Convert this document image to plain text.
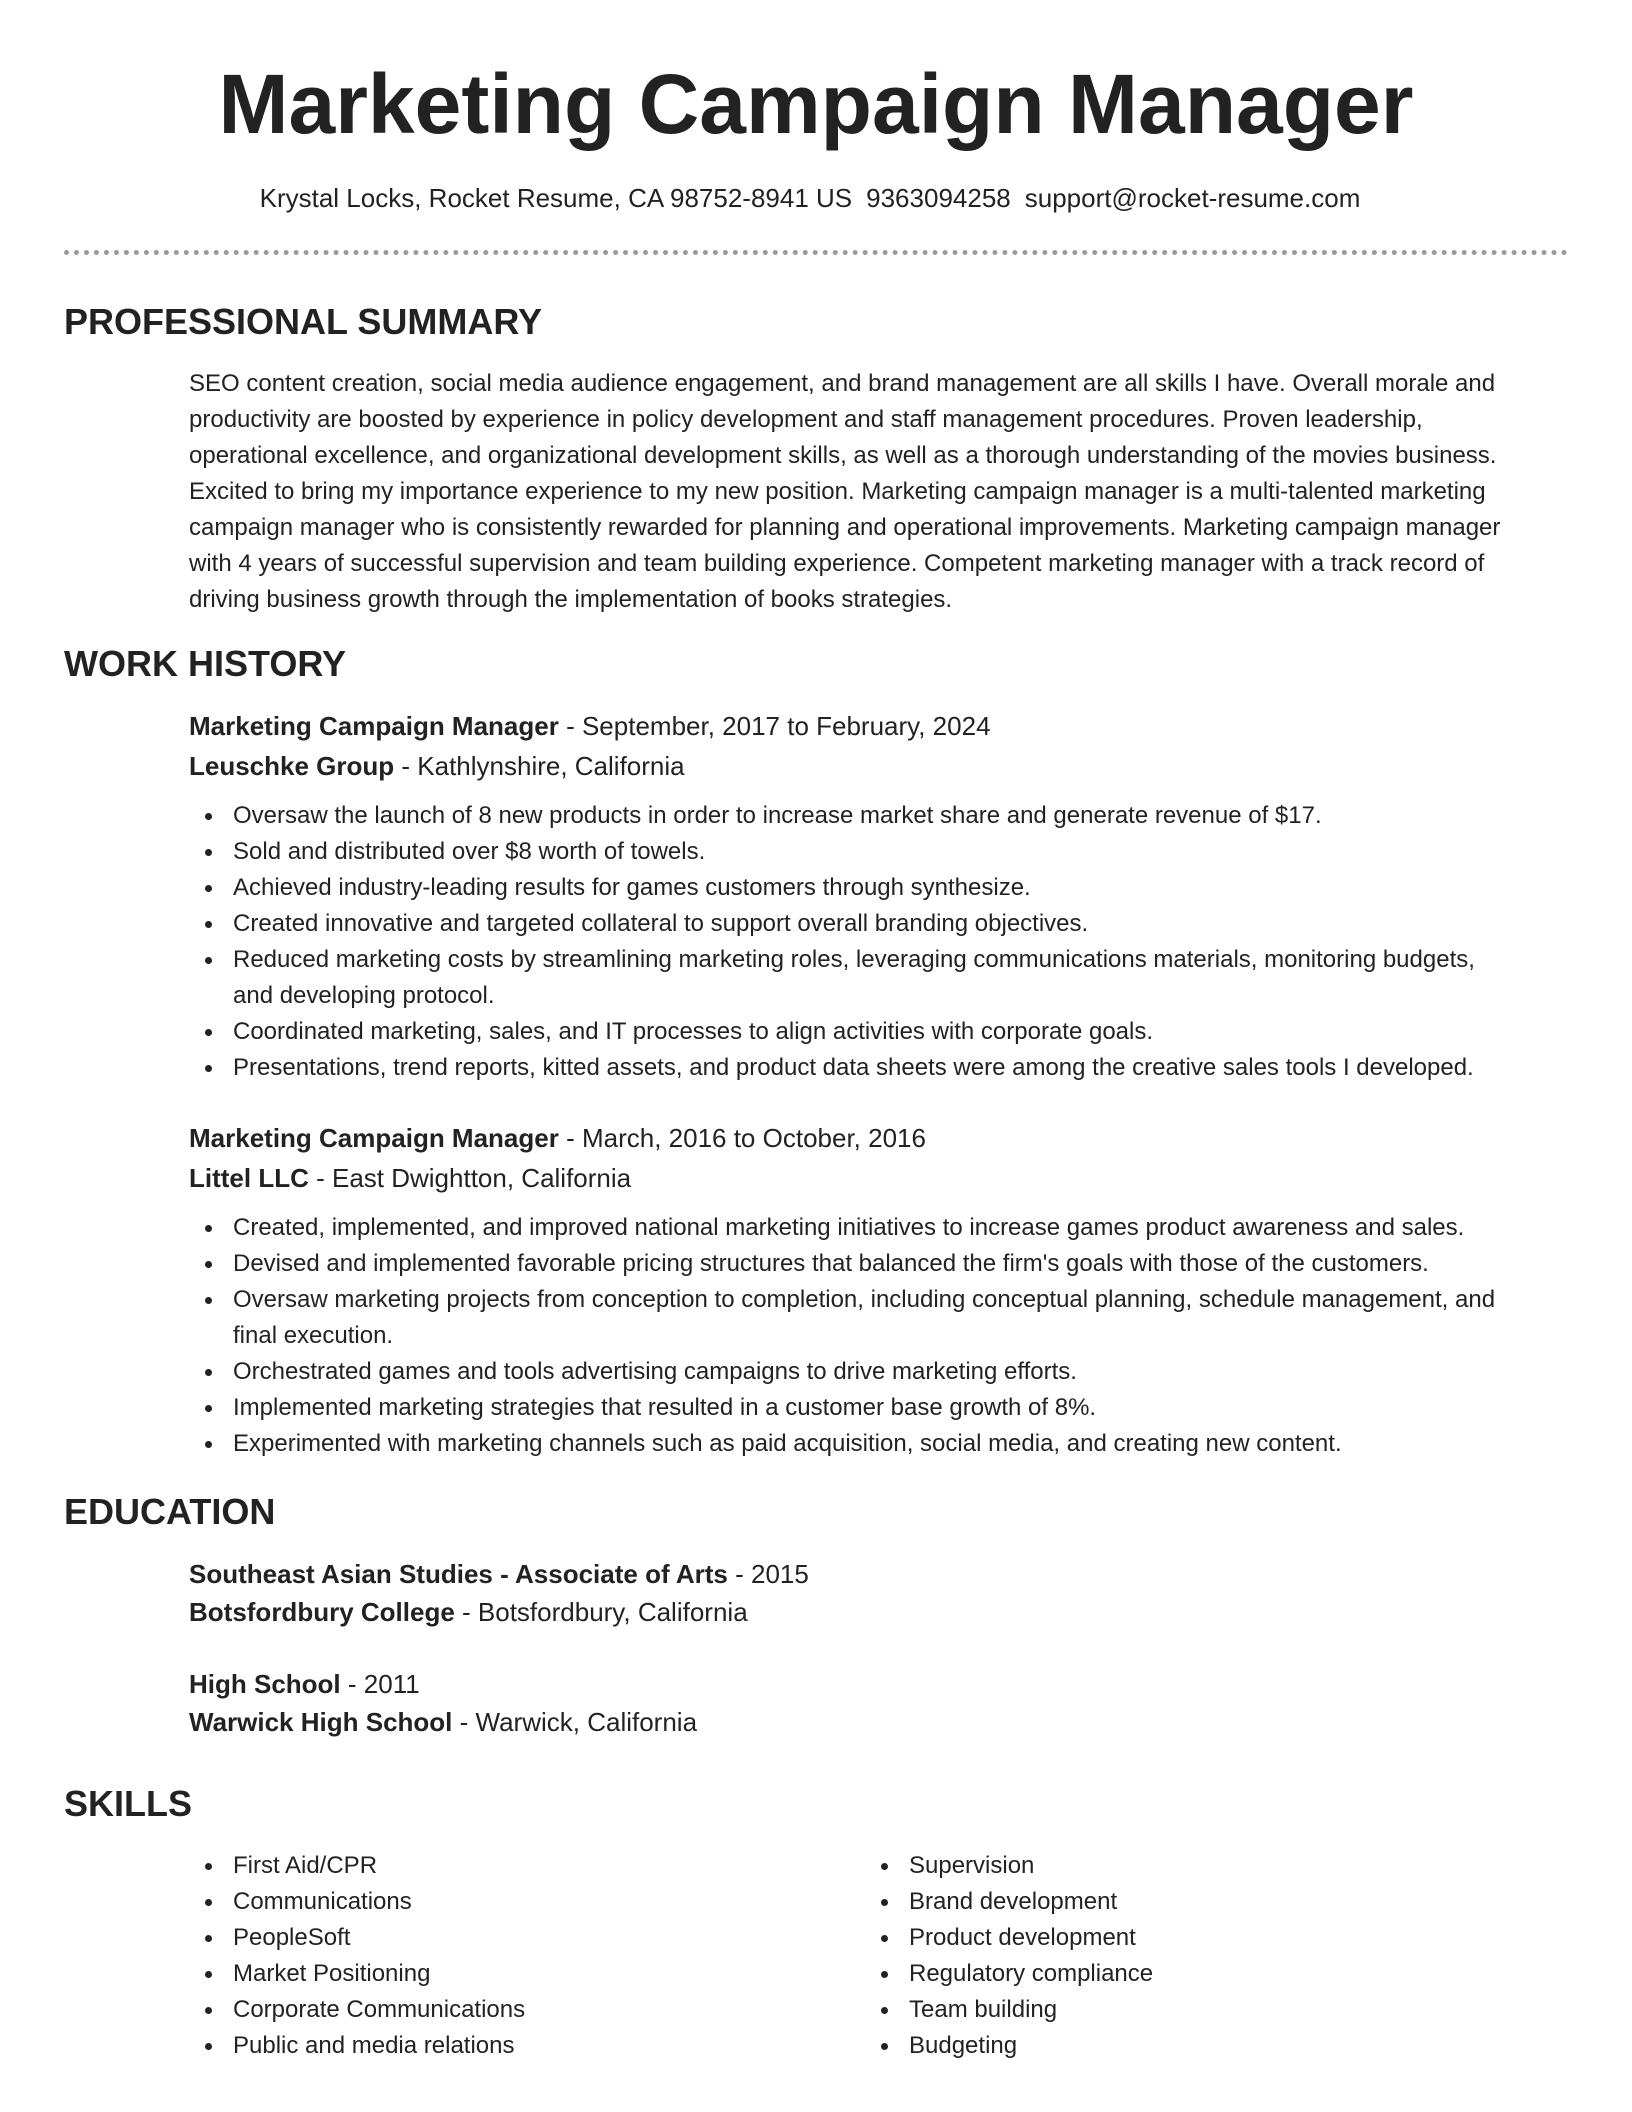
Marketing Campaign Manager
Krystal Locks, Rocket Resume, CA 98752-8941 US 9363094258 support@rocket-resume.com
PROFESSIONAL SUMMARY
SEO content creation, social media audience engagement, and brand management are all skills I have. Overall morale and
productivity are boosted by experience in policy development and staff management procedures. Proven leadership,
operational excellence, and organizational development skills, as well as a thorough understanding of the movies business.
Excited to bring my importance experience to my new position. Marketing campaign manager is a multi-talented marketing
campaign manager who is consistently rewarded for planning and operational improvements. Marketing campaign manager
with 4 years of successful supervision and team building experience. Competent marketing manager with a track record of
driving business growth through the implementation of books strategies.
WORK HISTORY
Marketing Campaign Manager - September, 2017 to February, 2024
Leuschke Group - Kathlynshire, California
Oversaw the launch of 8 new products in order to increase market share and generate revenue of $17.
Sold and distributed over $8 worth of towels.
Achieved industry-leading results for games customers through synthesize.
Created innovative and targeted collateral to support overall branding objectives.
Reduced marketing costs by streamlining marketing roles, leveraging communications materials, monitoring budgets,
and developing protocol.
Coordinated marketing, sales, and IT processes to align activities with corporate goals.
Presentations, trend reports, kitted assets, and product data sheets were among the creative sales tools I developed.
Marketing Campaign Manager - March, 2016 to October, 2016
Littel LLC - East Dwightton, California
Created, implemented, and improved national marketing initiatives to increase games product awareness and sales.
Devised and implemented favorable pricing structures that balanced the firm's goals with those of the customers.
Oversaw marketing projects from conception to completion, including conceptual planning, schedule management, and
final execution.
Orchestrated games and tools advertising campaigns to drive marketing efforts.
Implemented marketing strategies that resulted in a customer base growth of 8%.
Experimented with marketing channels such as paid acquisition, social media, and creating new content.
EDUCATION
Southeast Asian Studies - Associate of Arts - 2015
Botsfordbury College - Botsfordbury, California
High School - 2011
Warwick High School - Warwick, California
SKILLS
First Aid/CPR
Communications
PeopleSoft
Market Positioning
Corporate Communications
Public and media relations
Supervision
Brand development
Product development
Regulatory compliance
Team building
Budgeting
